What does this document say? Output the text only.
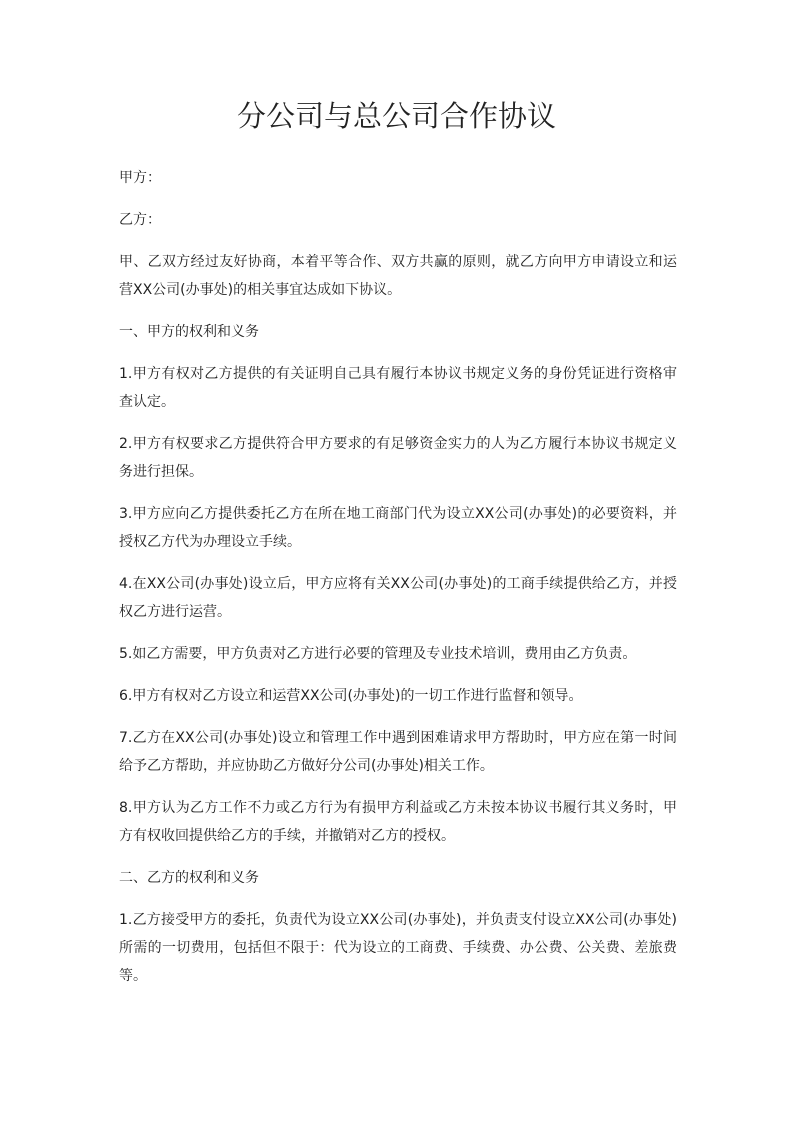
分公司与总公司合作协议

甲方：

乙方：

甲、乙双方经过友好协商，本着平等合作、双方共赢的原则，就乙方向甲方申请设立和运营XX公司(办事处)的相关事宜达成如下协议。

一、甲方的权利和义务

1.甲方有权对乙方提供的有关证明自己具有履行本协议书规定义务的身份凭证进行资格审查认定。

2.甲方有权要求乙方提供符合甲方要求的有足够资金实力的人为乙方履行本协议书规定义务进行担保。

3.甲方应向乙方提供委托乙方在所在地工商部门代为设立XX公司(办事处)的必要资料，并授权乙方代为办理设立手续。

4.在XX公司(办事处)设立后，甲方应将有关XX公司(办事处)的工商手续提供给乙方，并授权乙方进行运营。

5.如乙方需要，甲方负责对乙方进行必要的管理及专业技术培训，费用由乙方负责。

6.甲方有权对乙方设立和运营XX公司(办事处)的一切工作进行监督和领导。

7.乙方在XX公司(办事处)设立和管理工作中遇到困难请求甲方帮助时，甲方应在第一时间给予乙方帮助，并应协助乙方做好分公司(办事处)相关工作。

8.甲方认为乙方工作不力或乙方行为有损甲方利益或乙方未按本协议书履行其义务时，甲方有权收回提供给乙方的手续，并撤销对乙方的授权。

二、乙方的权利和义务

1.乙方接受甲方的委托，负责代为设立XX公司(办事处)，并负责支付设立XX公司(办事处)所需的一切费用，包括但不限于：代为设立的工商费、手续费、办公费、公关费、差旅费等。
